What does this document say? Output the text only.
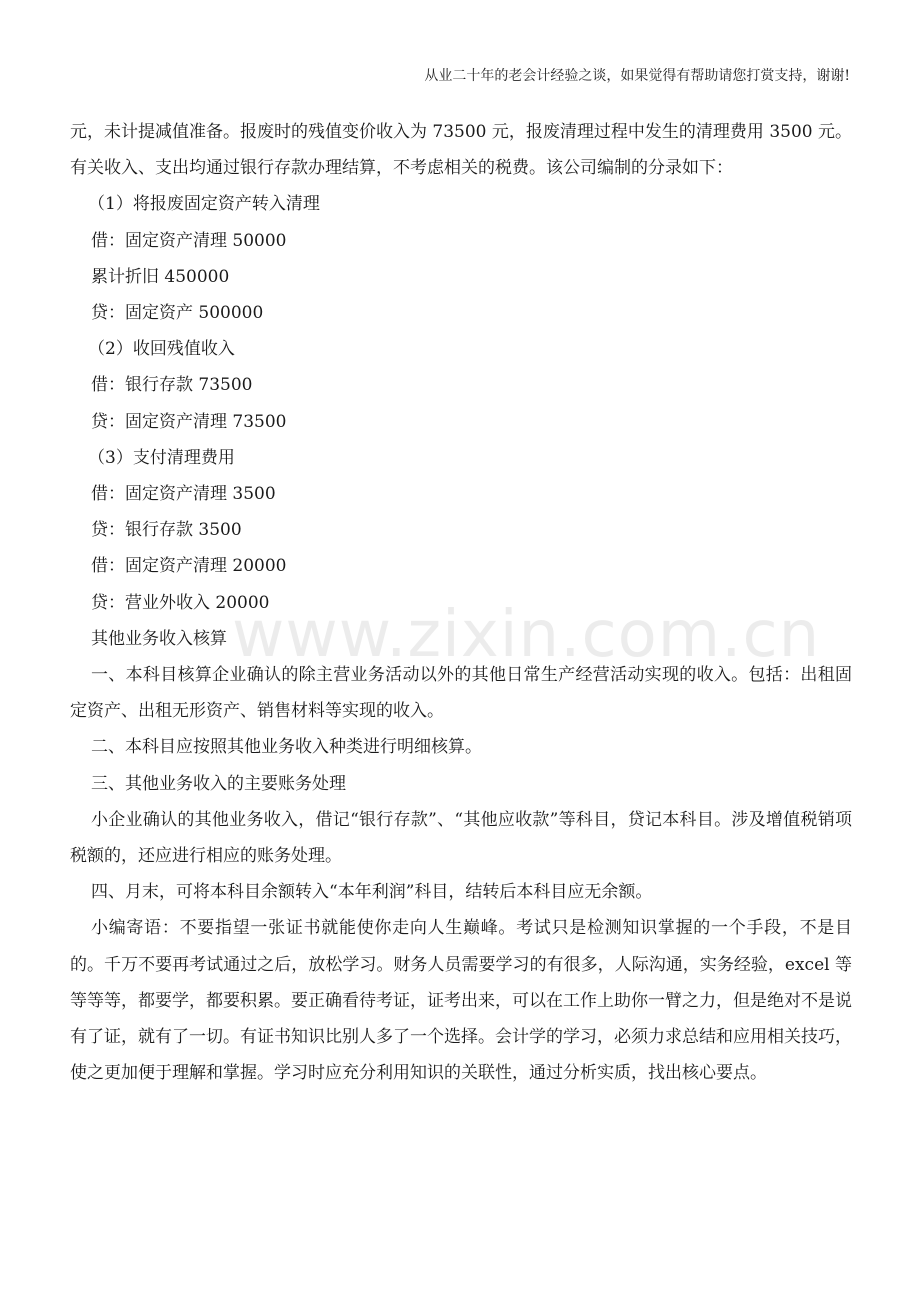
从业二十年的老会计经验之谈，如果觉得有帮助请您打赏支持，谢谢!

元，未计提减值准备。报废时的残值变价收入为 73500 元，报废清理过程中发生的清理费用 3500 元。有关收入、支出均通过银行存款办理结算，不考虑相关的税费。该公司编制的分录如下：

（1）将报废固定资产转入清理

借：固定资产清理 50000

累计折旧 450000

贷：固定资产 500000

（2）收回残值收入

借：银行存款 73500

贷：固定资产清理 73500

（3）支付清理费用

借：固定资产清理 3500

贷：银行存款 3500

借：固定资产清理 20000

贷：营业外收入 20000

其他业务收入核算

一、本科目核算企业确认的除主营业务活动以外的其他日常生产经营活动实现的收入。包括：出租固定资产、出租无形资产、销售材料等实现的收入。

二、本科目应按照其他业务收入种类进行明细核算。

三、其他业务收入的主要账务处理

小企业确认的其他业务收入，借记“银行存款”、“其他应收款”等科目，贷记本科目。涉及增值税销项税额的，还应进行相应的账务处理。

四、月末，可将本科目余额转入“本年利润”科目，结转后本科目应无余额。

小编寄语：不要指望一张证书就能使你走向人生巅峰。考试只是检测知识掌握的一个手段，不是目的。千万不要再考试通过之后，放松学习。财务人员需要学习的有很多，人际沟通，实务经验，excel 等等等等，都要学，都要积累。要正确看待考证，证考出来，可以在工作上助你一臂之力，但是绝对不是说有了证，就有了一切。有证书知识比别人多了一个选择。会计学的学习，必须力求总结和应用相关技巧，使之更加便于理解和掌握。学习时应充分利用知识的关联性，通过分析实质，找出核心要点。

www.zixin.com.cn
